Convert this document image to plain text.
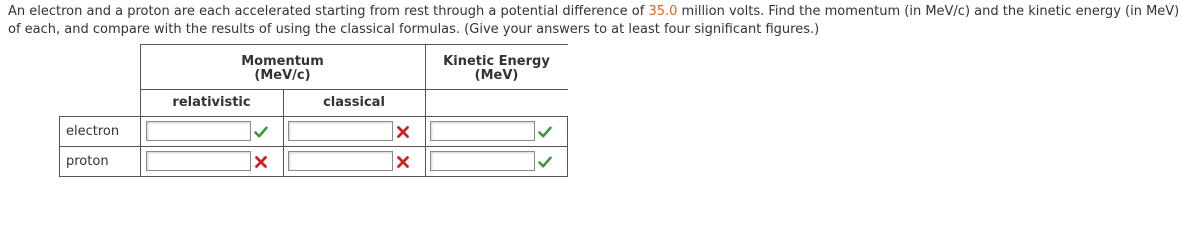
An electron and a proton are each accelerated starting from rest through a potential difference of 35.0 million volts. Find the momentum (in MeV/c) and the kinetic energy (in MeV) of each, and compare with the results of using the classical formulas. (Give your answers to at least four significant figures.)
Momentum
(MeV/c)
Kinetic Energy
(MeV)
relativistic	classical
electron
proton
